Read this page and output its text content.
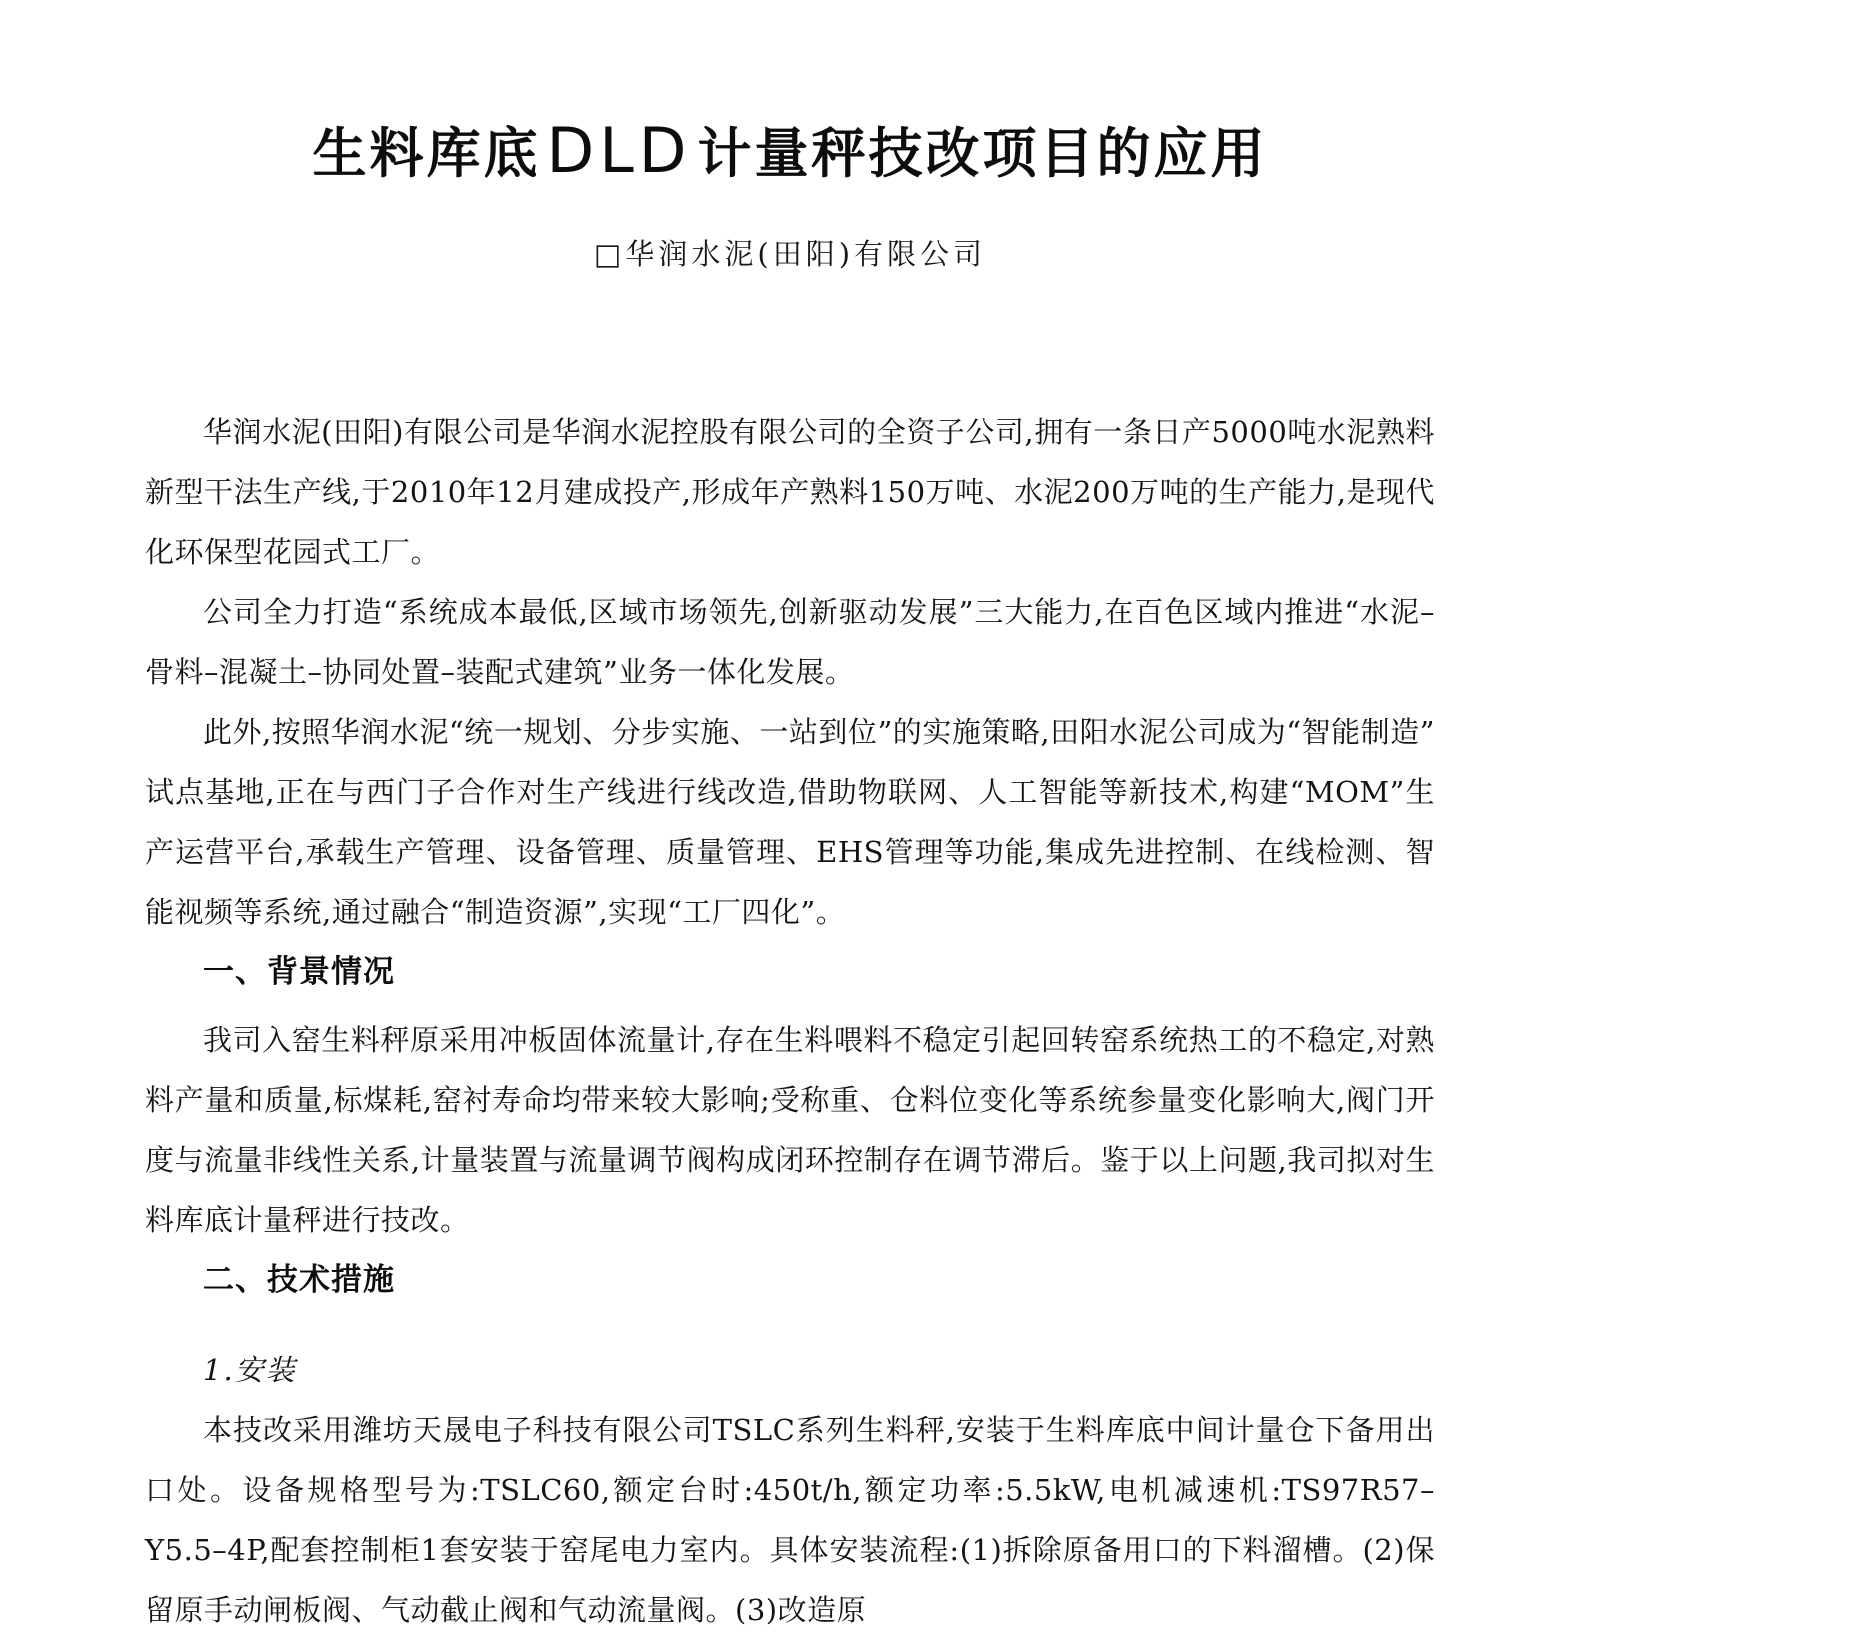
生料库底DLD 计量秤技改项目的应用
□华润水泥(田阳)有限公司

华润水泥(田阳)有限公司是华润水泥控股有限公司的全资子公司,拥有一条日产5000吨水泥熟料新型干法生产线,于2010年12月建成投产,形成年产熟料150万吨、水泥200万吨的生产能力,是现代化环保型花园式工厂。

公司全力打造“系统成本最低,区域市场领先,创新驱动发展”三大能力,在百色区域内推进“水泥–骨料–混凝土–协同处置–装配式建筑”业务一体化发展。

此外,按照华润水泥“统一规划、分步实施、一站到位”的实施策略,田阳水泥公司成为“智能制造”试点基地,正在与西门子合作对生产线进行线改造,借助物联网、人工智能等新技术,构建“MOM”生产运营平台,承载生产管理、设备管理、质量管理、EHS管理等功能,集成先进控制、在线检测、智能视频等系统,通过融合“制造资源”,实现“工厂四化”。

一、背景情况

我司入窑生料秤原采用冲板固体流量计,存在生料喂料不稳定引起回转窑系统热工的不稳定,对熟料产量和质量,标煤耗,窑衬寿命均带来较大影响;受称重、仓料位变化等系统参量变化影响大,阀门开度与流量非线性关系,计量装置与流量调节阀构成闭环控制存在调节滞后。鉴于以上问题,我司拟对生料库底计量秤进行技改。

二、技术措施
1.安装

本技改采用潍坊天晟电子科技有限公司TSLC系列生料秤,安装于生料库底中间计量仓下备用出口处。设备规格型号为:TSLC60,额定台时:450t/h,额定功率:5.5kW,电机减速机:TS97R57–Y5.5–4P,配套控制柜1套安装于窑尾电力室内。具体安装流程:(1)拆除原备用口的下料溜槽。(2)保留原手动闸板阀、气动截止阀和气动流量阀。(3)改造原
